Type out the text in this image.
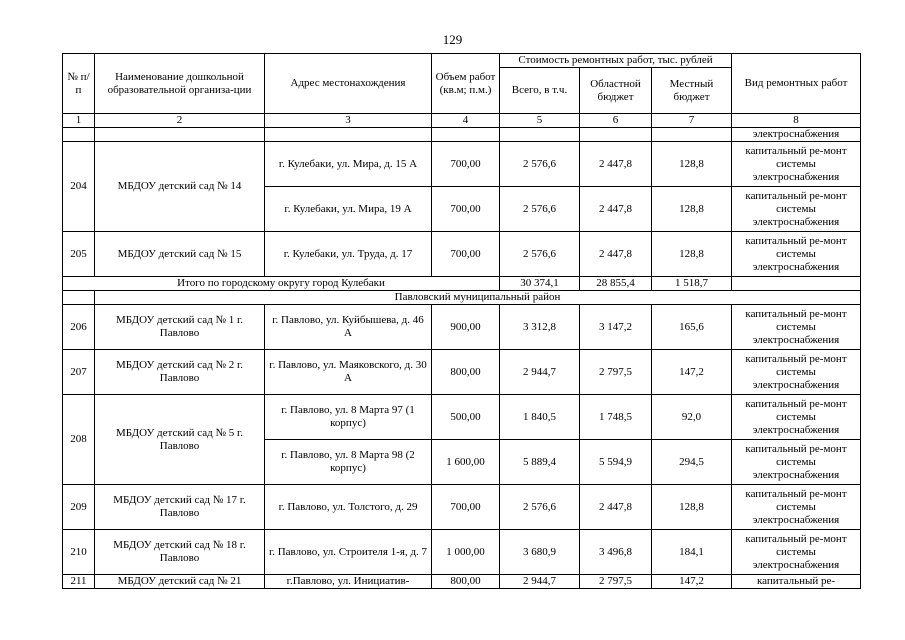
129
№ п/п	Наименование дошкольной образовательной организа-ции	Адрес местонахождения	Объем работ (кв.м; п.м.)	Стоимость ремонтных работ, тыс. рублей			Вид ремонтных работ
				Всего, в т.ч.	Областной бюджет	Местный бюджет	
1	2	3	4	5	6	7	8
							электроснабжения
204	МБДОУ детский сад № 14	г. Кулебаки, ул. Мира, д. 15 А	700,00	2 576,6	2 447,8	128,8	капитальный ре-монт системы электроснабжения
		г. Кулебаки, ул. Мира, 19 А	700,00	2 576,6	2 447,8	128,8	капитальный ре-монт системы электроснабжения
205	МБДОУ детский сад № 15	г. Кулебаки, ул. Труда, д. 17	700,00	2 576,6	2 447,8	128,8	капитальный ре-монт системы электроснабжения
Итого по городскому округу город Кулебаки				30 374,1	28 855,4	1 518,7	
	Павловский муниципальный район						
206	МБДОУ детский сад № 1 г. Павлово	г. Павлово, ул. Куйбышева, д. 46 А	900,00	3 312,8	3 147,2	165,6	капитальный ре-монт системы электроснабжения
207	МБДОУ детский сад № 2 г. Павлово	г. Павлово, ул. Маяковского, д. 30 А	800,00	2 944,7	2 797,5	147,2	капитальный ре-монт системы электроснабжения
208	МБДОУ детский сад № 5 г. Павлово	г. Павлово, ул. 8 Марта 97 (1 корпус)	500,00	1 840,5	1 748,5	92,0	капитальный ре-монт системы электроснабжения
		г. Павлово, ул. 8 Марта 98 (2 корпус)	1 600,00	5 889,4	5 594,9	294,5	капитальный ре-монт системы электроснабжения
209	МБДОУ детский сад № 17 г. Павлово	г. Павлово, ул. Толстого, д. 29	700,00	2 576,6	2 447,8	128,8	капитальный ре-монт системы электроснабжения
210	МБДОУ детский сад № 18 г. Павлово	г. Павлово, ул. Строителя 1-я, д. 7	1 000,00	3 680,9	3 496,8	184,1	капитальный ре-монт системы электроснабжения
211	МБДОУ детский сад № 21	г.Павлово, ул. Инициатив-	800,00	2 944,7	2 797,5	147,2	капитальный ре-
